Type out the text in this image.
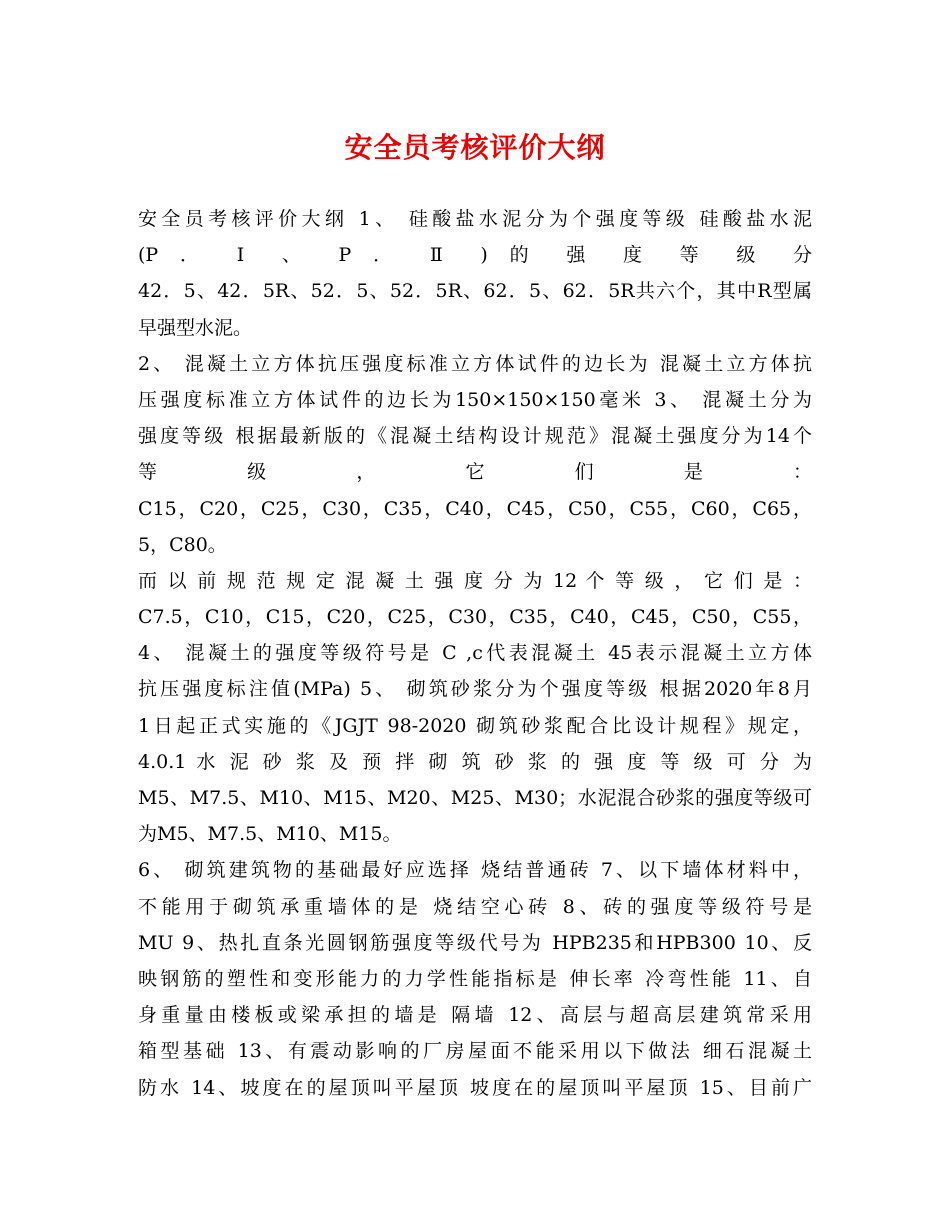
安全员考核评价大纲
安全员考核评价大纲 1、 硅酸盐水泥分为个强度等级 硅酸盐水泥
(P ． Ⅰ 、 P ． Ⅱ ) 的 强 度 等 级 分
42．5、42．5R、52．5、52．5R、62．5、62．5R共六个，其中R型属
早强型水泥。
2、 混凝土立方体抗压强度标准立方体试件的边长为 混凝土立方体抗
压强度标准立方体试件的边长为150×150×150毫米 3、 混凝土分为
强度等级 根据最新版的《混凝土结构设计规范》混凝土强度分为14个
等 级 ， 它 们 是 ：
C15，C20，C25，C30，C35，C40，C45，C50，C55，C60，C65，
5，C80。
而 以 前 规 范 规 定 混 凝 土 强 度 分 为 12 个 等 级 ， 它 们 是 ：
C7.5，C10，C15，C20，C25，C30，C35，C40，C45，C50，C55，
4、 混凝土的强度等级符号是 C ,c代表混凝土 45表示混凝土立方体
抗压强度标注值(MPa) 5、 砌筑砂浆分为个强度等级 根据2020年8月
1日起正式实施的《JGJT 98-2020 砌筑砂浆配合比设计规程》规定，
4.0.1 水 泥 砂 浆 及 预 拌 砌 筑 砂 浆 的 强 度 等 级 可 分 为
M5、M7.5、M10、M15、M20、M25、M30；水泥混合砂浆的强度等级可
为M5、M7.5、M10、M15。
6、 砌筑建筑物的基础最好应选择 烧结普通砖 7、以下墙体材料中，
不能用于砌筑承重墙体的是 烧结空心砖 8、砖的强度等级符号是
MU 9、热扎直条光圆钢筋强度等级代号为 HPB235和HPB300 10、反
映钢筋的塑性和变形能力的力学性能指标是 伸长率 冷弯性能 11、自
身重量由楼板或梁承担的墙是 隔墙 12、高层与超高层建筑常采用
箱型基础 13、有震动影响的厂房屋面不能采用以下做法 细石混凝土
防水 14、坡度在的屋顶叫平屋顶 坡度在的屋顶叫平屋顶 15、目前广
